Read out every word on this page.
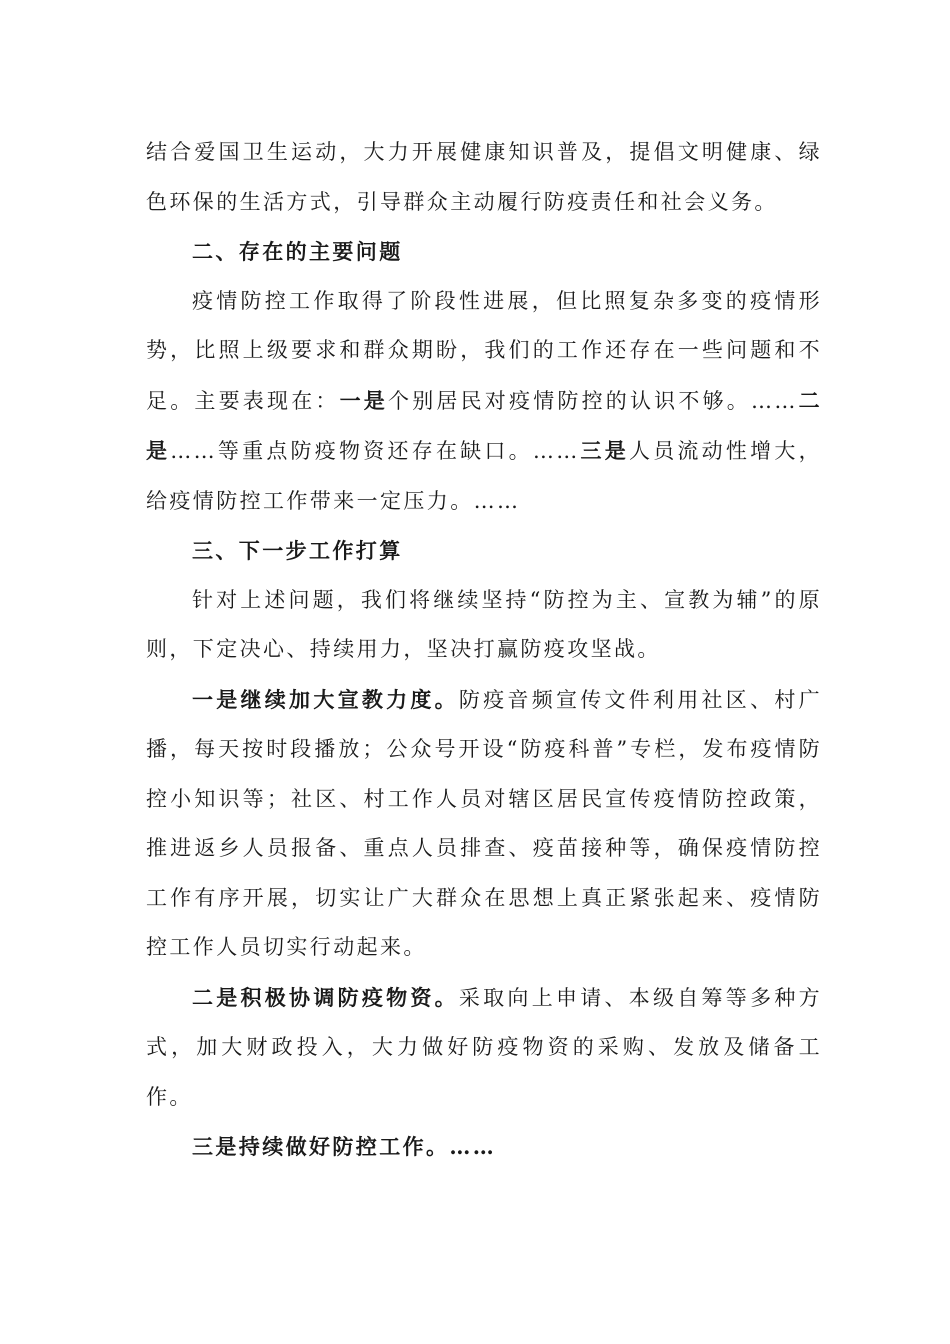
结合爱国卫生运动，大力开展健康知识普及，提倡文明健康、绿色环保的生活方式，引导群众主动履行防疫责任和社会义务。

二、存在的主要问题

疫情防控工作取得了阶段性进展，但比照复杂多变的疫情形势，比照上级要求和群众期盼，我们的工作还存在一些问题和不足。主要表现在：一是个别居民对疫情防控的认识不够。……二是……等重点防疫物资还存在缺口。……三是人员流动性增大，给疫情防控工作带来一定压力。……

三、下一步工作打算

针对上述问题，我们将继续坚持“防控为主、宣教为辅”的原则，下定决心、持续用力，坚决打赢防疫攻坚战。

一是继续加大宣教力度。防疫音频宣传文件利用社区、村广播，每天按时段播放；公众号开设“防疫科普”专栏，发布疫情防控小知识等；社区、村工作人员对辖区居民宣传疫情防控政策，推进返乡人员报备、重点人员排查、疫苗接种等，确保疫情防控工作有序开展，切实让广大群众在思想上真正紧张起来、疫情防控工作人员切实行动起来。

二是积极协调防疫物资。采取向上申请、本级自筹等多种方式，加大财政投入，大力做好防疫物资的采购、发放及储备工作。

三是持续做好防控工作。……
